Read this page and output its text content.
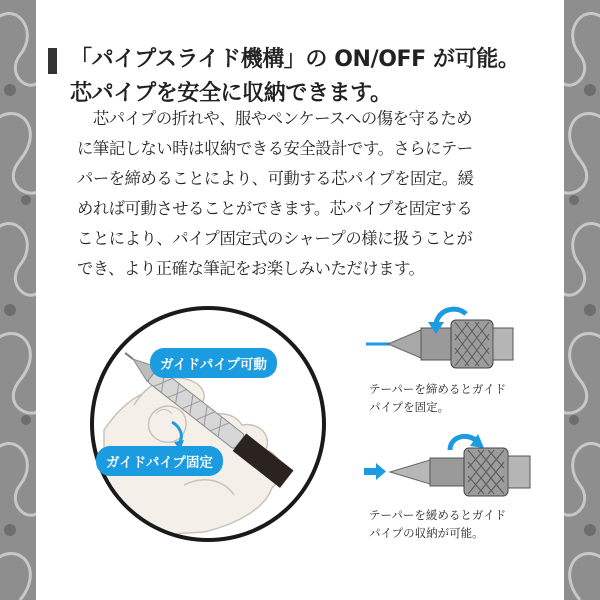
「パイプスライド機構」の ON/OFF が可能。
芯パイプを安全に収納できます。

　芯パイプの折れや、服やペンケースへの傷を守るため

に筆記しない時は収納できる安全設計です。さらにテー

パーを締めることにより、可動する芯パイプを固定。緩

めれば可動させることができます。芯パイプを固定する

ことにより、パイプ固定式のシャープの様に扱うことが

でき、より正確な筆記をお楽しみいただけます。

ガイドパイプ可動
ガイドパイプ固定
テーパーを締めるとガイド
パイプを固定。
テーパーを緩めるとガイド
パイプの収納が可能。
